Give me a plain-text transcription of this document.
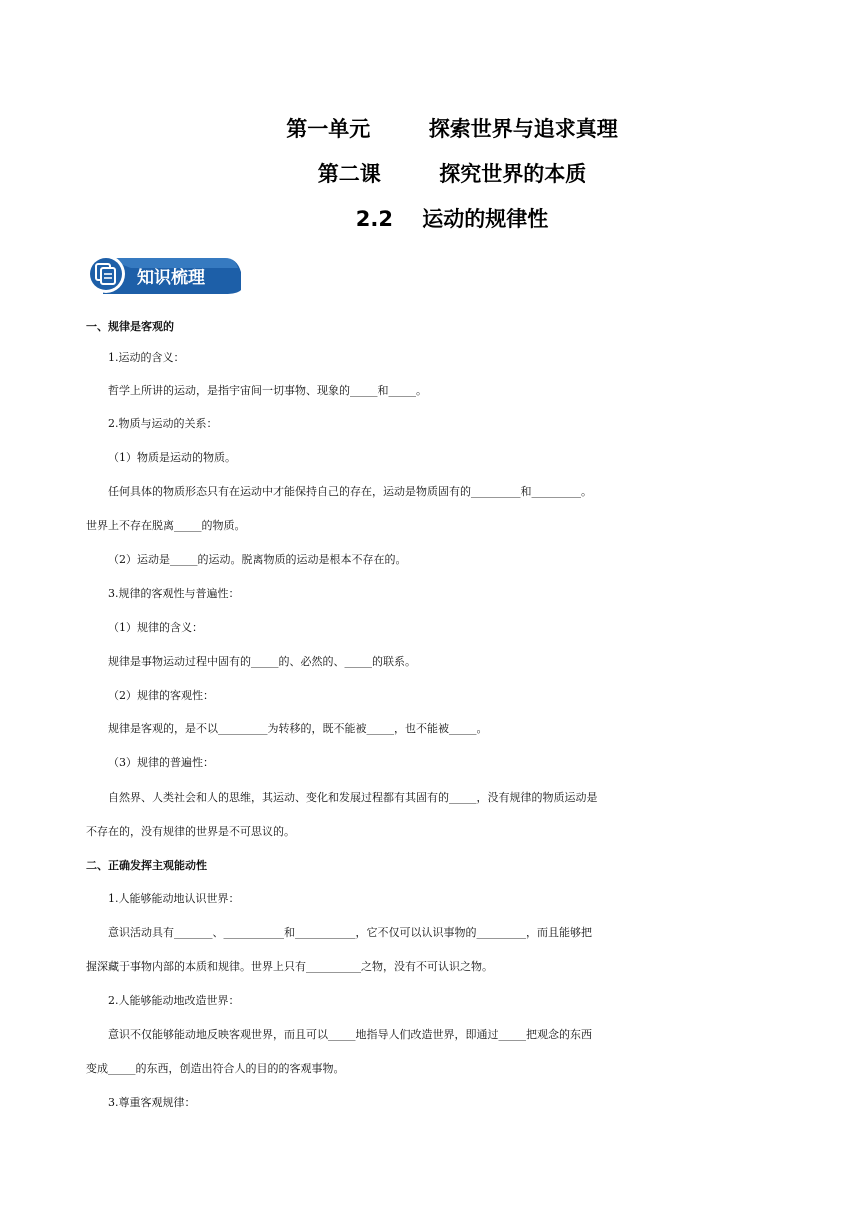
第一单元        探索世界与追求真理
第二课        探究世界的本质
2.2    运动的规律性
知识梳理

一、规律是客观的

1.运动的含义：

哲学上所讲的运动，是指宇宙间一切事物、现象的_____和_____。

2.物质与运动的关系：

（1）物质是运动的物质。

任何具体的物质形态只有在运动中才能保持自己的存在，运动是物质固有的_________和_________。

世界上不存在脱离_____的物质。

（2）运动是_____的运动。脱离物质的运动是根本不存在的。

3.规律的客观性与普遍性：

（1）规律的含义：

规律是事物运动过程中固有的_____的、必然的、_____的联系。

（2）规律的客观性：

规律是客观的，是不以_________为转移的，既不能被_____，也不能被_____。

（3）规律的普遍性：

自然界、人类社会和人的思维，其运动、变化和发展过程都有其固有的_____，没有规律的物质运动是

不存在的，没有规律的世界是不可思议的。

二、正确发挥主观能动性

1.人能够能动地认识世界：

意识活动具有_______、___________和___________，它不仅可以认识事物的_________，而且能够把

握深藏于事物内部的本质和规律。世界上只有__________之物，没有不可认识之物。

2.人能够能动地改造世界：

意识不仅能够能动地反映客观世界，而且可以_____地指导人们改造世界，即通过_____把观念的东西

变成_____的东西，创造出符合人的目的的客观事物。

3.尊重客观规律：
